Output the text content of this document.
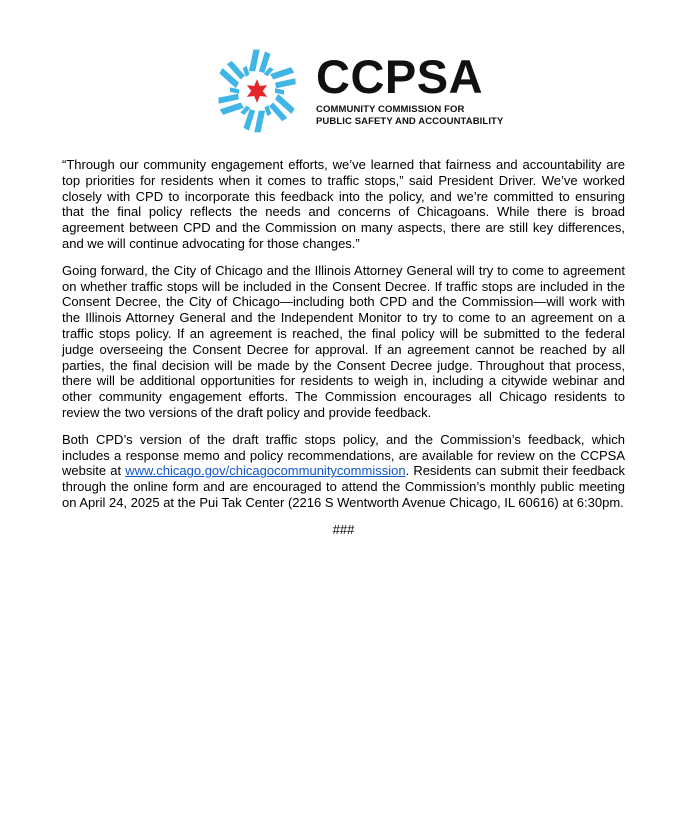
CCPSA
COMMUNITY COMMISSION FOR
PUBLIC SAFETY AND ACCOUNTABILITY

“Through our community engagement efforts, we’ve learned that fairness and accountability are top priorities for residents when it comes to traffic stops,” said President Driver. We’ve worked closely with CPD to incorporate this feedback into the policy, and we’re committed to ensuring that the final policy reflects the needs and concerns of Chicagoans. While there is broad agreement between CPD and the Commission on many aspects, there are still key differences, and we will continue advocating for those changes.”

Going forward, the City of Chicago and the Illinois Attorney General will try to come to agreement on whether traffic stops will be included in the Consent Decree. If traffic stops are included in the Consent Decree, the City of Chicago—including both CPD and the Commission—will work with the Illinois Attorney General and the Independent Monitor to try to come to an agreement on a traffic stops policy. If an agreement is reached, the final policy will be submitted to the federal judge overseeing the Consent Decree for approval. If an agreement cannot be reached by all parties, the final decision will be made by the Consent Decree judge. Throughout that process, there will be additional opportunities for residents to weigh in, including a citywide webinar and other community engagement efforts. The Commission encourages all Chicago residents to review the two versions of the draft policy and provide feedback.

Both CPD’s version of the draft traffic stops policy, and the Commission’s feedback, which includes a response memo and policy recommendations, are available for review on the CCPSA website at www.chicago.gov/chicagocommunitycommission. Residents can submit their feedback through the online form and are encouraged to attend the Commission’s monthly public meeting on April 24, 2025 at the Pui Tak Center (2216 S Wentworth Avenue Chicago, IL 60616) at 6:30pm.

###
